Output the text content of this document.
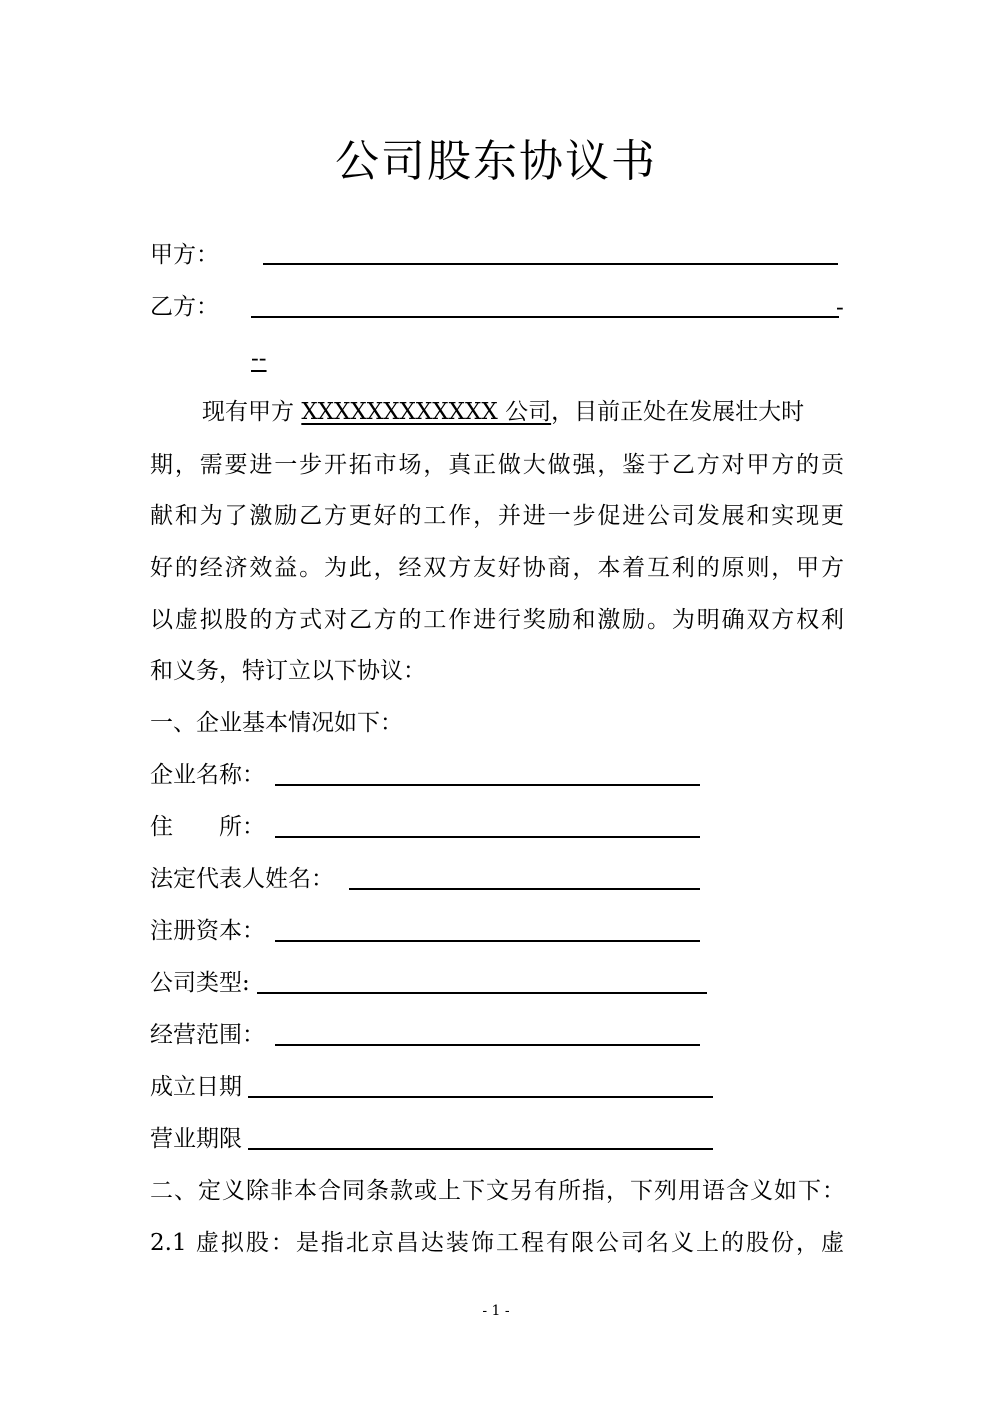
公司股东协议书
甲方：
乙方：	-
--
现有甲方 XXXXXXXXXXXX 公司，目前正处在发展壮大时
期，需要进一步开拓市场，真正做大做强，鉴于乙方对甲方的贡
献和为了激励乙方更好的工作，并进一步促进公司发展和实现更
好的经济效益。为此，经双方友好协商，本着互利的原则，甲方
以虚拟股的方式对乙方的工作进行奖励和激励。为明确双方权利
和义务，特订立以下协议：
一、企业基本情况如下：
企业名称：
住　　所：
法定代表人姓名：
注册资本：
公司类型:
经营范围：
成立日期
营业期限
二、定义除非本合同条款或上下文另有所指，下列用语含义如下：
2.1 虚拟股：是指北京昌达装饰工程有限公司名义上的股份，虚
- 1 -
